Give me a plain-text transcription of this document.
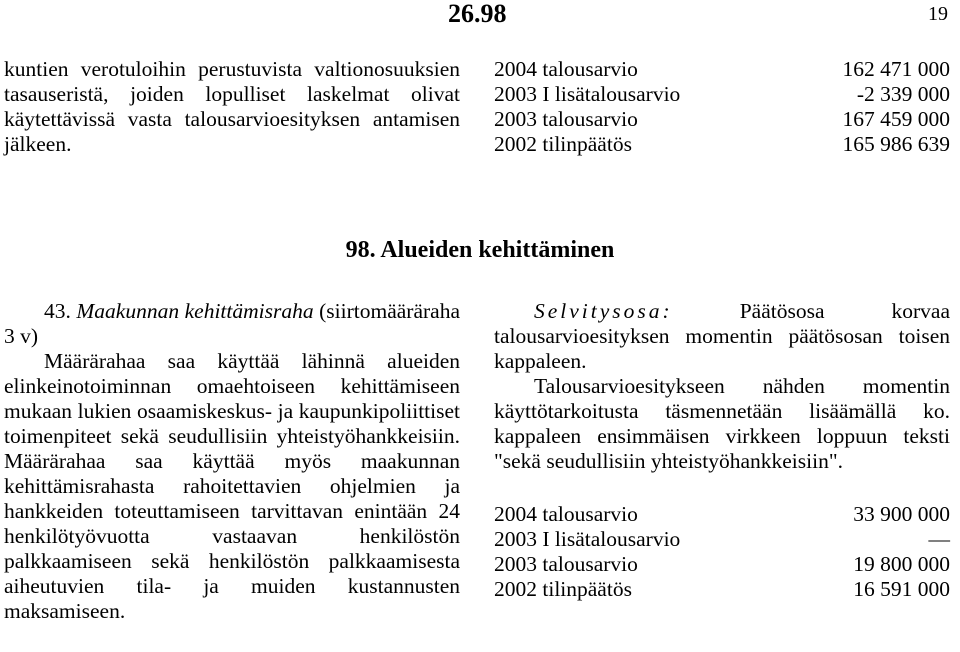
26.98	19

kuntien verotuloihin perustuvista valtionosuuksien tasauseristä, joiden lopulliset laskelmat olivat käytettävissä vasta talousarvioesityksen antamisen jälkeen.

2004 talousarvio	162 471 000
2003 I lisätalousarvio	-2 339 000
2003 talousarvio	167 459 000
2002 tilinpäätös	165 986 639
98. Alueiden kehittäminen

43. Maakunnan kehittämisraha (siirtomääräraha 3 v)

Määrärahaa saa käyttää lähinnä alueiden elinkeinotoiminnan omaehtoiseen kehittämiseen mukaan lukien osaamiskeskus- ja kaupunkipoliittiset toimenpiteet sekä seudullisiin yhteistyöhankkeisiin. Määrärahaa saa käyttää myös maakunnan kehittämisrahasta rahoitettavien ohjelmien ja hankkeiden toteuttamiseen tarvittavan enintään 24 henkilötyövuotta vastaavan henkilöstön palkkaamiseen sekä henkilöstön palkkaamisesta aiheutuvien tila- ja muiden kustannusten maksamiseen.

Selvitysosa:	Päätösosa korvaa talousarvioesityksen momentin päätösosan toisen kappaleen.

Talousarvioesitykseen nähden momentin käyttötarkoitusta täsmennetään lisäämällä ko. kappaleen ensimmäisen virkkeen loppuun teksti "sekä seudullisiin yhteistyöhankkeisiin".

2004 talousarvio	33 900 000
2003 I lisätalousarvio	—
2003 talousarvio	19 800 000
2002 tilinpäätös	16 591 000
